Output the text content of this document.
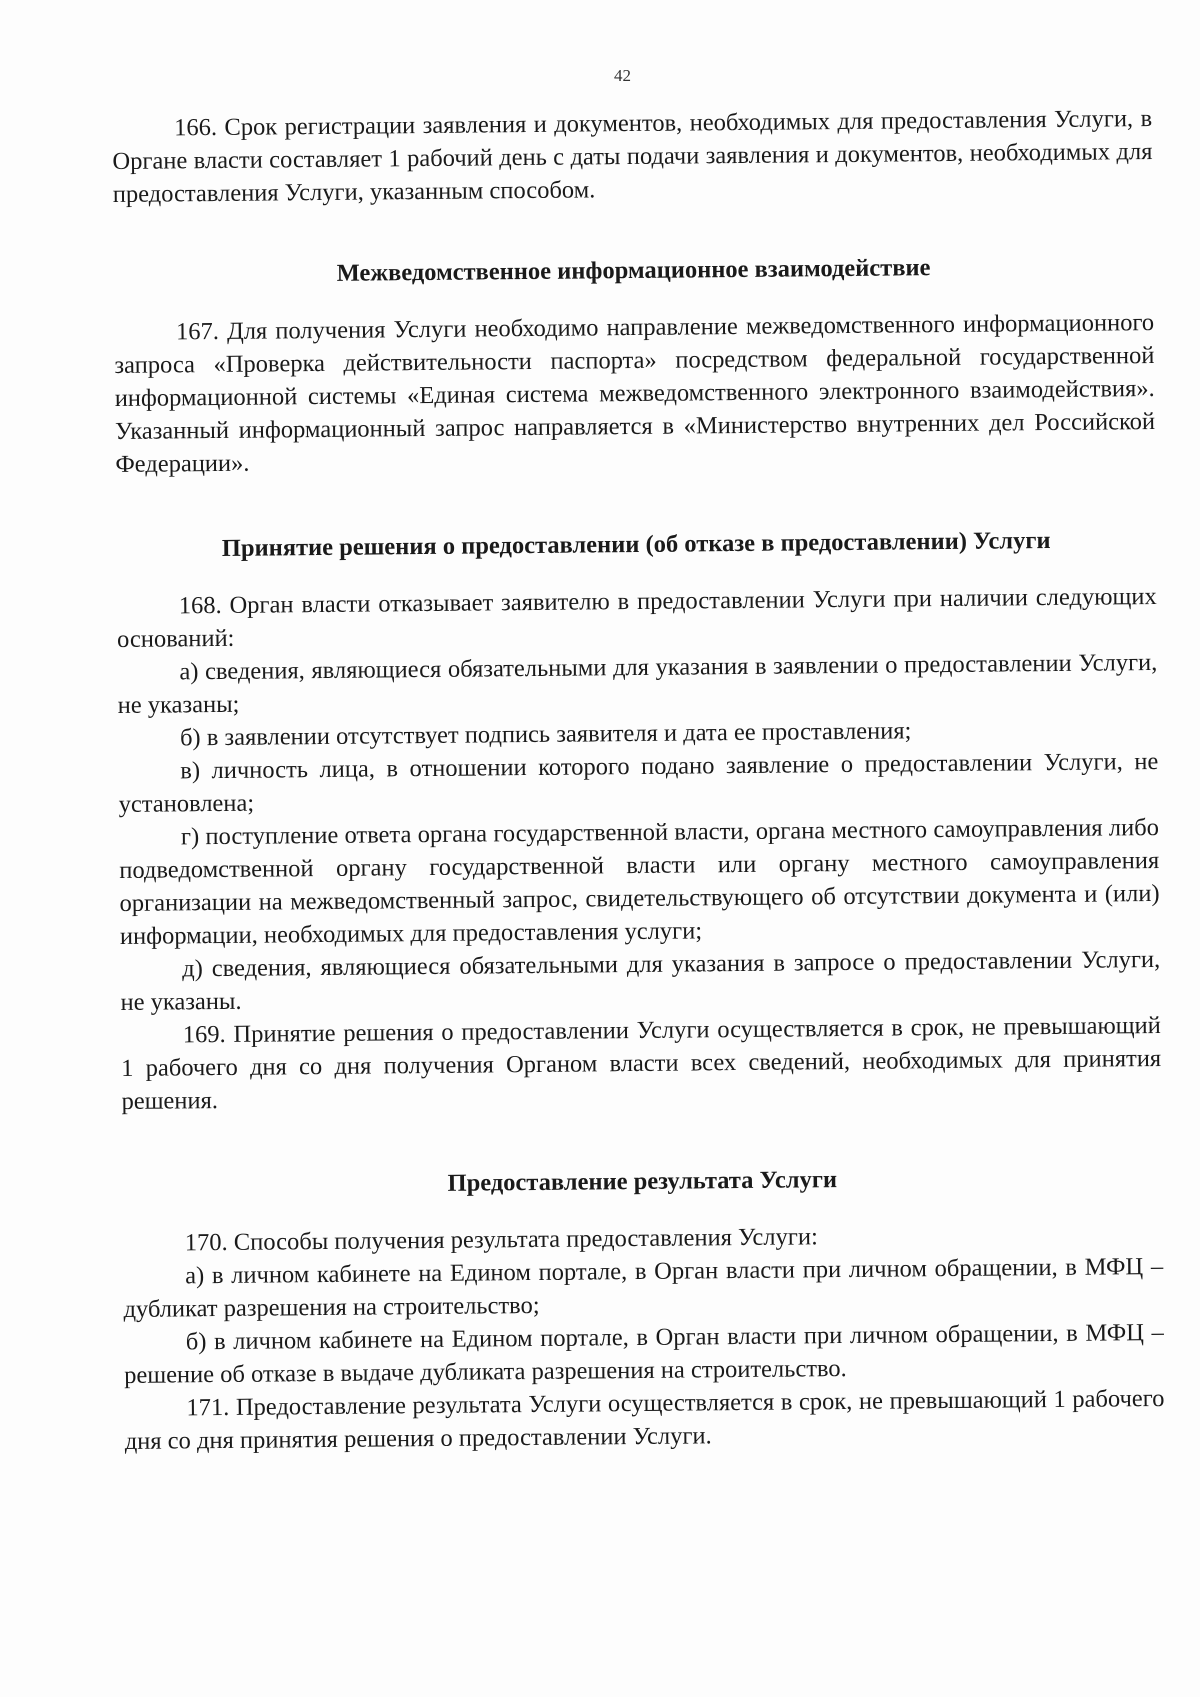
42

166. Срок регистрации заявления и документов, необходимых для предоставления Услуги, в Органе власти составляет 1 рабочий день с даты подачи заявления и документов, необходимых для предоставления Услуги, указанным способом.

Межведомственное информационное взаимодействие

167. Для получения Услуги необходимо направление межведомственного информационного запроса «Проверка действительности паспорта» посредством федеральной государственной информационной системы «Единая система межведомственного электронного взаимодействия». Указанный информационный запрос направляется в «Министерство внутренних дел Российской Федерации».

Принятие решения о предоставлении (об отказе в предоставлении) Услуги

168. Орган власти отказывает заявителю в предоставлении Услуги при наличии следующих оснований:

а) сведения, являющиеся обязательными для указания в заявлении о предоставлении Услуги, не указаны;

б) в заявлении отсутствует подпись заявителя и дата ее проставления;

в) личность лица, в отношении которого подано заявление о предоставлении Услуги, не установлена;

г) поступление ответа органа государственной власти, органа местного самоуправления либо подведомственной органу государственной власти или органу местного самоуправления организации на межведомственный запрос, свидетельствующего об отсутствии документа и (или) информации, необходимых для предоставления услуги;

д) сведения, являющиеся обязательными для указания в запросе о предоставлении Услуги, не указаны.

169. Принятие решения о предоставлении Услуги осуществляется в срок, не превышающий 1 рабочего дня со дня получения Органом власти всех сведений, необходимых для принятия решения.

Предоставление результата Услуги

170. Способы получения результата предоставления Услуги:

а) в личном кабинете на Едином портале, в Орган власти при личном обращении, в МФЦ – дубликат разрешения на строительство;

б) в личном кабинете на Едином портале, в Орган власти при личном обращении, в МФЦ – решение об отказе в выдаче дубликата разрешения на строительство.

171. Предоставление результата Услуги осуществляется в срок, не превышающий 1 рабочего дня со дня принятия решения о предоставлении Услуги.
